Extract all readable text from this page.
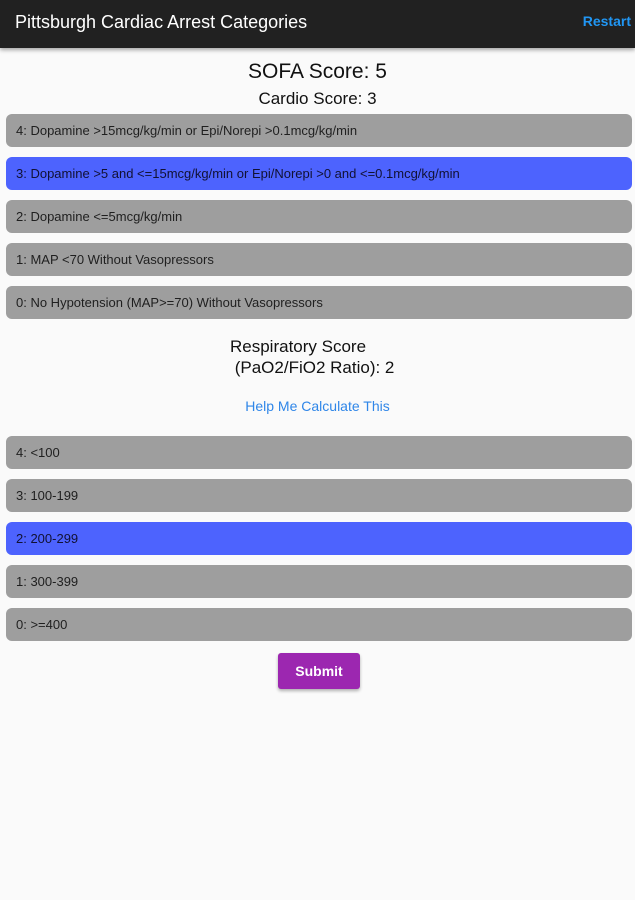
Pittsburgh Cardiac Arrest Categories	Restart
SOFA Score: 5
Cardio Score: 3
4: Dopamine >15mcg/kg/min or Epi/Norepi >0.1mcg/kg/min
3: Dopamine >5 and <=15mcg/kg/min or Epi/Norepi >0 and <=0.1mcg/kg/min
2: Dopamine <=5mcg/kg/min
1: MAP <70 Without Vasopressors
0: No Hypotension (MAP>=70) Without Vasopressors
Respiratory Score
(PaO2/FiO2 Ratio): 2
Help Me Calculate This
4: <100
3: 100-199
2: 200-299
1: 300-399
0: >=400
Submit
